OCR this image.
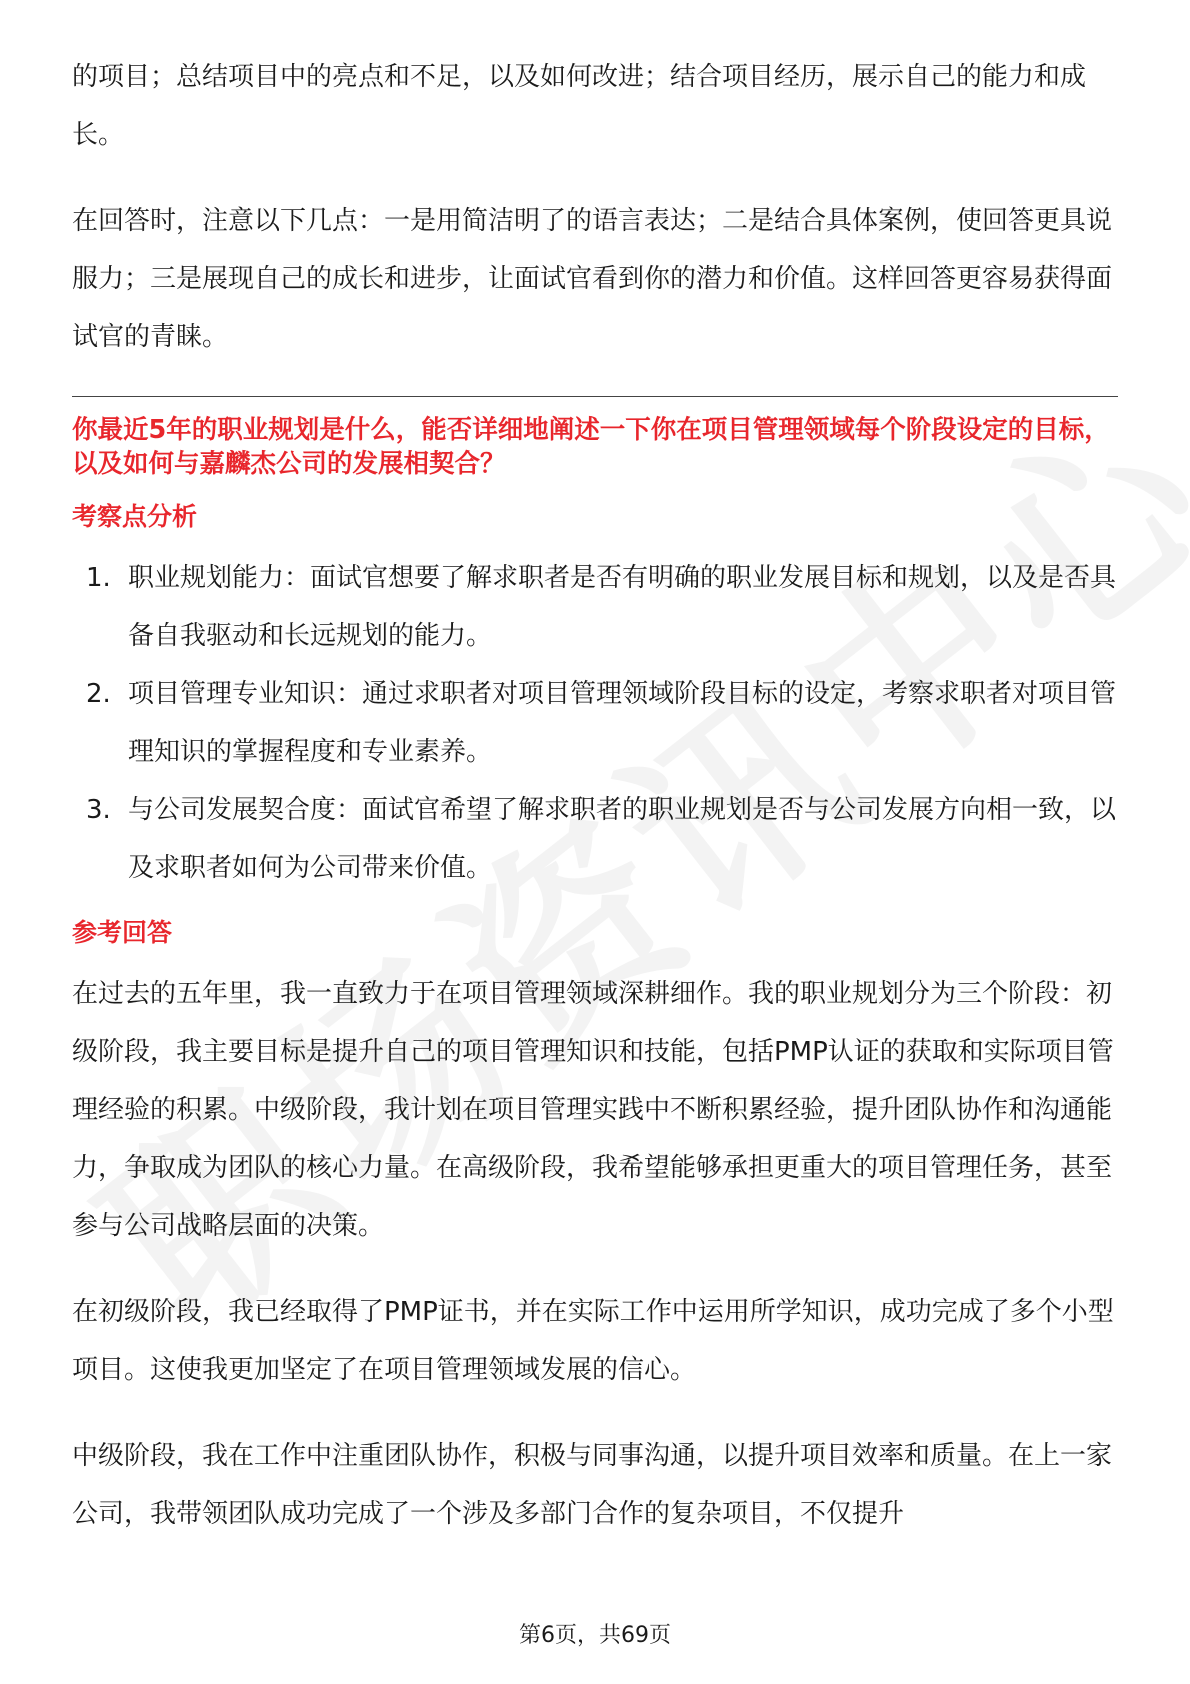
的项目；总结项目中的亮点和不足，以及如何改进；结合项目经历，展示自己的能力和成长。

在回答时，注意以下几点：一是用简洁明了的语言表达；二是结合具体案例，使回答更具说服力；三是展现自己的成长和进步，让面试官看到你的潜力和价值。这样回答更容易获得面试官的青睐。

你最近5年的职业规划是什么，能否详细地阐述一下你在项目管理领域每个阶段设定的目标，以及如何与嘉麟杰公司的发展相契合？
考察点分析
1. 职业规划能力：面试官想要了解求职者是否有明确的职业发展目标和规划，以及是否具备自我驱动和长远规划的能力。
2. 项目管理专业知识：通过求职者对项目管理领域阶段目标的设定，考察求职者对项目管理知识的掌握程度和专业素养。
3. 与公司发展契合度：面试官希望了解求职者的职业规划是否与公司发展方向相一致，以及求职者如何为公司带来价值。
参考回答

在过去的五年里，我一直致力于在项目管理领域深耕细作。我的职业规划分为三个阶段：初级阶段，我主要目标是提升自己的项目管理知识和技能，包括PMP认证的获取和实际项目管理经验的积累。中级阶段，我计划在项目管理实践中不断积累经验，提升团队协作和沟通能力，争取成为团队的核心力量。在高级阶段，我希望能够承担更重大的项目管理任务，甚至参与公司战略层面的决策。

在初级阶段，我已经取得了PMP证书，并在实际工作中运用所学知识，成功完成了多个小型项目。这使我更加坚定了在项目管理领域发展的信心。

中级阶段，我在工作中注重团队协作，积极与同事沟通，以提升项目效率和质量。在上一家公司，我带领团队成功完成了一个涉及多部门合作的复杂项目，不仅提升

第6页，共69页
